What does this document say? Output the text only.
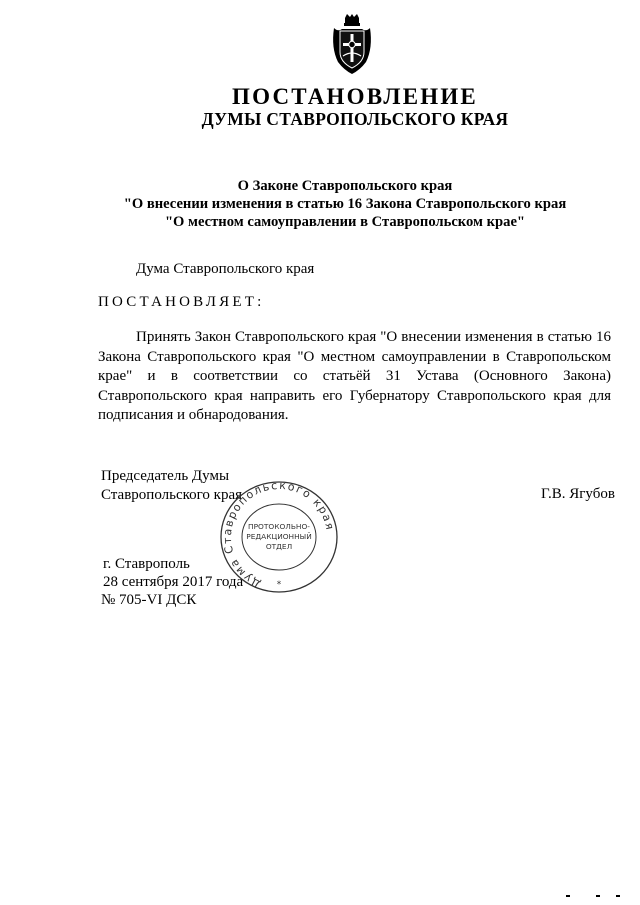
ПОСТАНОВЛЕНИЕ
ДУМЫ СТАВРОПОЛЬСКОГО КРАЯ
О Законе Ставропольского края
"О внесении изменения в статью 16 Закона Ставропольского края
"О местном самоуправлении в Ставропольском крае"
Дума Ставропольского края
ПОСТАНОВЛЯЕТ:
Принять Закон Ставропольского края "О внесении изменения в статью 16 Закона Ставропольского края "О местном самоуправлении в Ставропольском крае" и в соответствии со статьёй 31 Устава (Основного Закона) Ставропольского края направить его Губернатору Ставропольского края для подписания и обнародования.
Председатель Думы
Ставропольского края	Г.В. Ягубов
г. Ставрополь
28 сентября 2017 года
№ 705-VI ДСК
Дума Ставропольского края
ПРОТОКОЛЬНО-
РЕДАКЦИОННЫЙ
ОТДЕЛ
*
